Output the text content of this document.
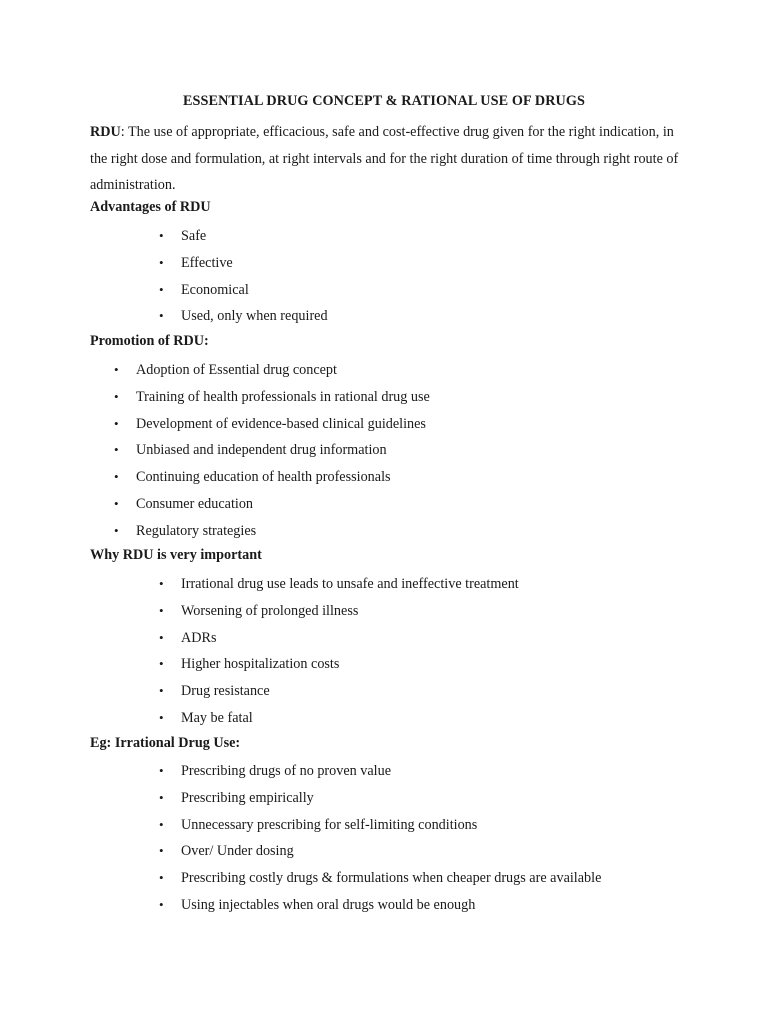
ESSENTIAL DRUG CONCEPT & RATIONAL USE OF DRUGS

RDU: The use of appropriate, efficacious, safe and cost-effective drug given for the right indication, in the right dose and formulation, at right intervals and for the right duration of time through right route of administration.

Advantages of RDU
• Safe
• Effective
• Economical
• Used, only when required
Promotion of RDU:
• Adoption of Essential drug concept
• Training of health professionals in rational drug use
• Development of evidence-based clinical guidelines
• Unbiased and independent drug information
• Continuing education of health professionals
• Consumer education
• Regulatory strategies
Why RDU is very important
• Irrational drug use leads to unsafe and ineffective treatment
• Worsening of prolonged illness
• ADRs
• Higher hospitalization costs
• Drug resistance
• May be fatal
Eg: Irrational Drug Use:
• Prescribing drugs of no proven value
• Prescribing empirically
• Unnecessary prescribing for self-limiting conditions
• Over/ Under dosing
• Prescribing costly drugs & formulations when cheaper drugs are available
• Using injectables when oral drugs would be enough
